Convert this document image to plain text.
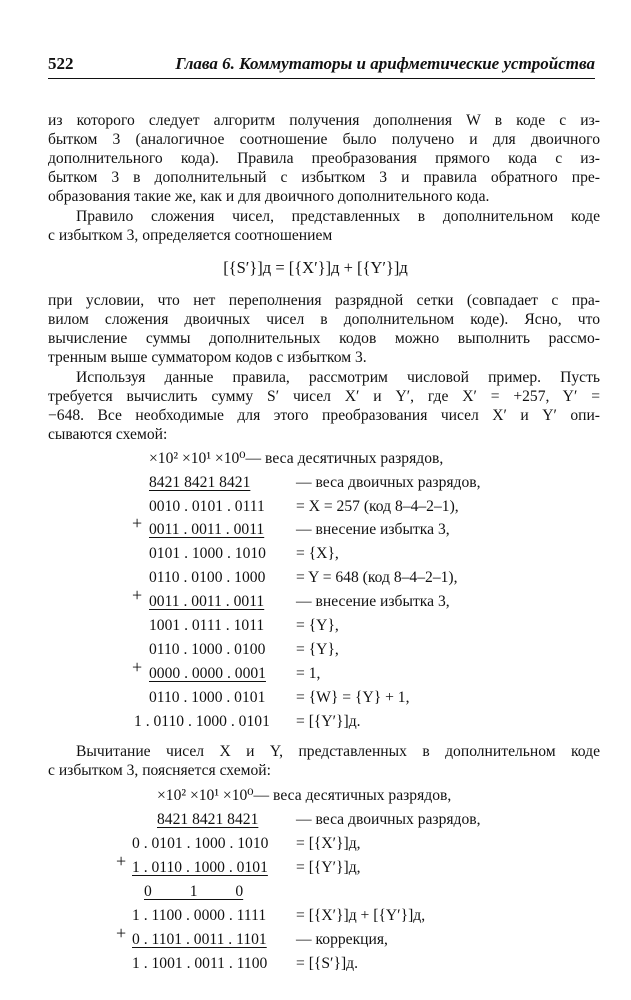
522	Глава 6. Коммутаторы и арифметические устройства
из которого следует алгоритм получения дополнения W в коде с из-
бытком 3 (аналогичное соотношение было получено и для двоичного
дополнительного кода). Правила преобразования прямого кода с из-
бытком 3 в дополнительный с избытком 3 и правила обратного пре-
образования такие же, как и для двоичного дополнительного кода.
Правило сложения чисел, представленных в дополнительном коде
с избытком 3, определяется соотношением
[{S′}]д = [{X′}]д + [{Y′}]д
при условии, что нет переполнения разрядной сетки (совпадает с пра-
вилом сложения двоичных чисел в дополнительном коде). Ясно, что
вычисление суммы дополнительных кодов можно выполнить рассмо-
тренным выше сумматором кодов с избытком 3.
Используя данные правила, рассмотрим числовой пример. Пусть
требуется вычислить сумму S′ чисел X′ и Y′, где X′ = +257, Y′ =
−648. Все необходимые для этого преобразования чисел X′ и Y′ опи-
сываются схемой:
×10² ×10¹ ×10⁰— веса десятичных разрядов,
8421 8421 8421	— веса двоичных разрядов,
0010 . 0101 . 0111 = X = 257 (код 8–4–2–1),
+ 0011 . 0011 . 0011 — внесение избытка 3,
0101 . 1000 . 1010 = {X},
0110 . 0100 . 1000 = Y = 648 (код 8–4–2–1),
+ 0011 . 0011 . 0011 — внесение избытка 3,
1001 . 0111 . 1011 = {Y},
0110 . 1000 . 0100 = {Y},
+ 0000 . 0000 . 0001 = 1,
0110 . 1000 . 0101 = {W} = {Y} + 1,
1 . 0110 . 1000 . 0101 = [{Y′}]д.
Вычитание чисел X и Y, представленных в дополнительном коде
с избытком 3, поясняется схемой:
×10² ×10¹ ×10⁰— веса десятичных разрядов,
8421 8421 8421 — веса двоичных разрядов,
0 . 0101 . 1000 . 1010 = [{X′}]д,
+ 1 . 0110 . 1000 . 0101 = [{Y′}]д,
0 1 0
1 . 1100 . 0000 . 1111 = [{X′}]д + [{Y′}]д,
+ 0 . 1101 . 0011 . 1101 — коррекция,
1 . 1001 . 0011 . 1100 = [{S′}]д.
